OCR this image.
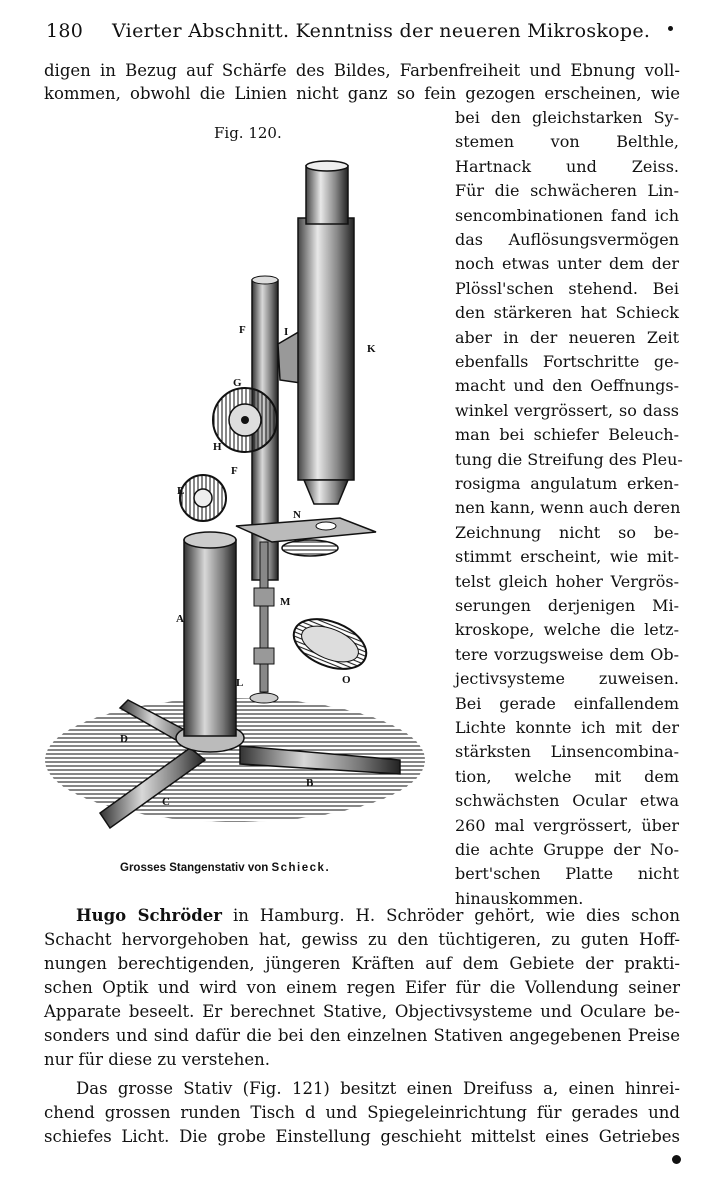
180 Vierter Abschnitt. Kenntniss der neueren Mikroskope.
digen in Bezug auf Schärfe des Bildes, Farbenfreiheit und Ebnung voll-
kommen, obwohl die Linien nicht ganz so fein gezogen erscheinen, wie
bei den gleichstarken Sy-
stemen von Belthle,
Hartnack und Zeiss.
Für die schwächeren Lin-
sencombinationen fand ich
das Auflösungsvermögen
noch etwas unter dem der
Plössl'schen stehend. Bei
den stärkeren hat Schieck
aber in der neueren Zeit
ebenfalls Fortschritte ge-
macht und den Oeffnungs-
winkel vergrössert, so dass
man bei schiefer Beleuch-
tung die Streifung des Pleu-
rosigma angulatum erken-
nen kann, wenn auch deren
Zeichnung nicht so be-
stimmt erscheint, wie mit-
telst gleich hoher Vergrös-
serungen derjenigen Mi-
kroskope, welche die letz-
tere vorzugsweise dem Ob-
jectivsysteme zuweisen.
Bei gerade einfallendem
Lichte konnte ich mit der
stärksten Linsencombina-
tion, welche mit dem
schwächsten Ocular etwa
260 mal vergrössert, über
die achte Gruppe der No-
bert'schen Platte nicht
hinauskommen.
Fig. 120.
F	I
K
G
H
F
E
N
M
A
L	O
D
C
B
Grosses Stangenstativ von Schieck.
Hugo Schröder in Hamburg. H. Schröder gehört, wie dies schon
Schacht hervorgehoben hat, gewiss zu den tüchtigeren, zu guten Hoff-
nungen berechtigenden, jüngeren Kräften auf dem Gebiete der prakti-
schen Optik und wird von einem regen Eifer für die Vollendung seiner
Apparate beseelt. Er berechnet Stative, Objectivsysteme und Oculare be-
sonders und sind dafür die bei den einzelnen Stativen angegebenen Preise
nur für diese zu verstehen.
Das grosse Stativ (Fig. 121) besitzt einen Dreifuss a, einen hinrei-
chend grossen runden Tisch d und Spiegeleinrichtung für gerades und
schiefes Licht. Die grobe Einstellung geschieht mittelst eines Getriebes
